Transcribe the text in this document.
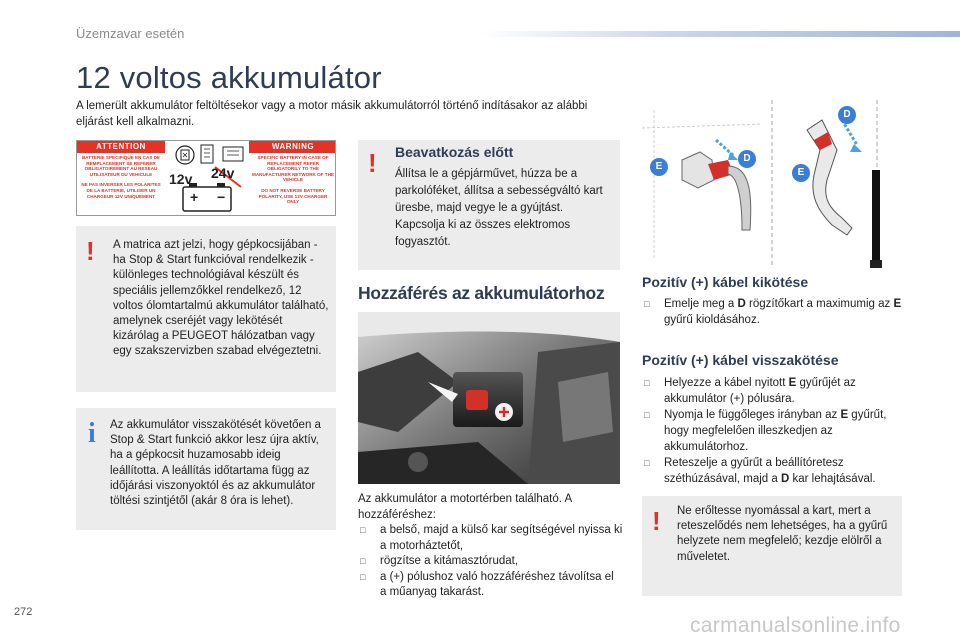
Üzemzavar esetén
12 voltos akkumulátor

A lemerült akkumulátor feltöltésekor vagy a motor másik akkumulátorról történő indításakor az alábbi eljárást kell alkalmazni.

ATTENTION
BATTERIE SPECIFIQUE EN CAS DE REMPLACEMENT SE REFERER OBLIGATOIREMENT AU RESEAU UTILISATEUR DU VEHICULE
NE PAS INVERSER LES POLARITES DE LA BATTERIE, UTILISER UN CHARGEUR 12V UNIQUEMENT
12v 24v
+ −
WARNING
SPECIFIC BATTERY IN CASE OF REPLACEMENT REFER OBLIGATORILY TO THE MANUFACTURER NETWORK OF THE VEHICLE
DO NOT REVERSE BATTERY POLARITY, USE 12V CHARGER ONLY
! A matrica azt jelzi, hogy gépkocsijában - ha Stop & Start funkcióval rendelkezik - különleges technológiával készült és speciális jellemzőkkel rendelkező, 12 voltos ólomtartalmú akkumulátor található, amelynek cseréjét vagy lekötését kizárólag a PEUGEOT hálózatban vagy egy szakszervizben szabad elvégeztetni.
i Az akkumulátor visszakötését követően a Stop & Start funkció akkor lesz újra aktív, ha a gépkocsit huzamosabb ideig leállította. A leállítás időtartama függ az időjárási viszonyoktól és az akkumulátor töltési szintjétől (akár 8 óra is lehet).
! Beavatkozás előtt
Állítsa le a gépjárművet, húzza be a parkolóféket, állítsa a sebességváltó kart üresbe, majd vegye le a gyújtást. Kapcsolja ki az összes elektromos fogyasztót.
Hozzáférés az akkumulátorhoz

Az akkumulátor a motortérben található. A hozzáféréshez:

□ a belső, majd a külső kar segítségével nyissa ki a motorháztetőt,
□ rögzítse a kitámasztórudat,
□ a (+) pólushoz való hozzáféréshez távolítsa el a műanyag takarást.
E
D
E
D
Pozitív (+) kábel kikötése
□ Emelje meg a D rögzítőkart a maximumig az E gyűrű kioldásához.
Pozitív (+) kábel visszakötése
□ Helyezze a kábel nyitott E gyűrűjét az akkumulátor (+) pólusára.
□ Nyomja le függőleges irányban az E gyűrűt, hogy megfelelően illeszkedjen az akkumulátorhoz.
□ Reteszelje a gyűrűt a beállítóretesz széthúzásával, majd a D kar lehajtásával.
! Ne erőltesse nyomással a kart, mert a reteszelődés nem lehetséges, ha a gyűrű helyzete nem megfelelő; kezdje elölről a műveletet.
272
carmanualsonline.info
